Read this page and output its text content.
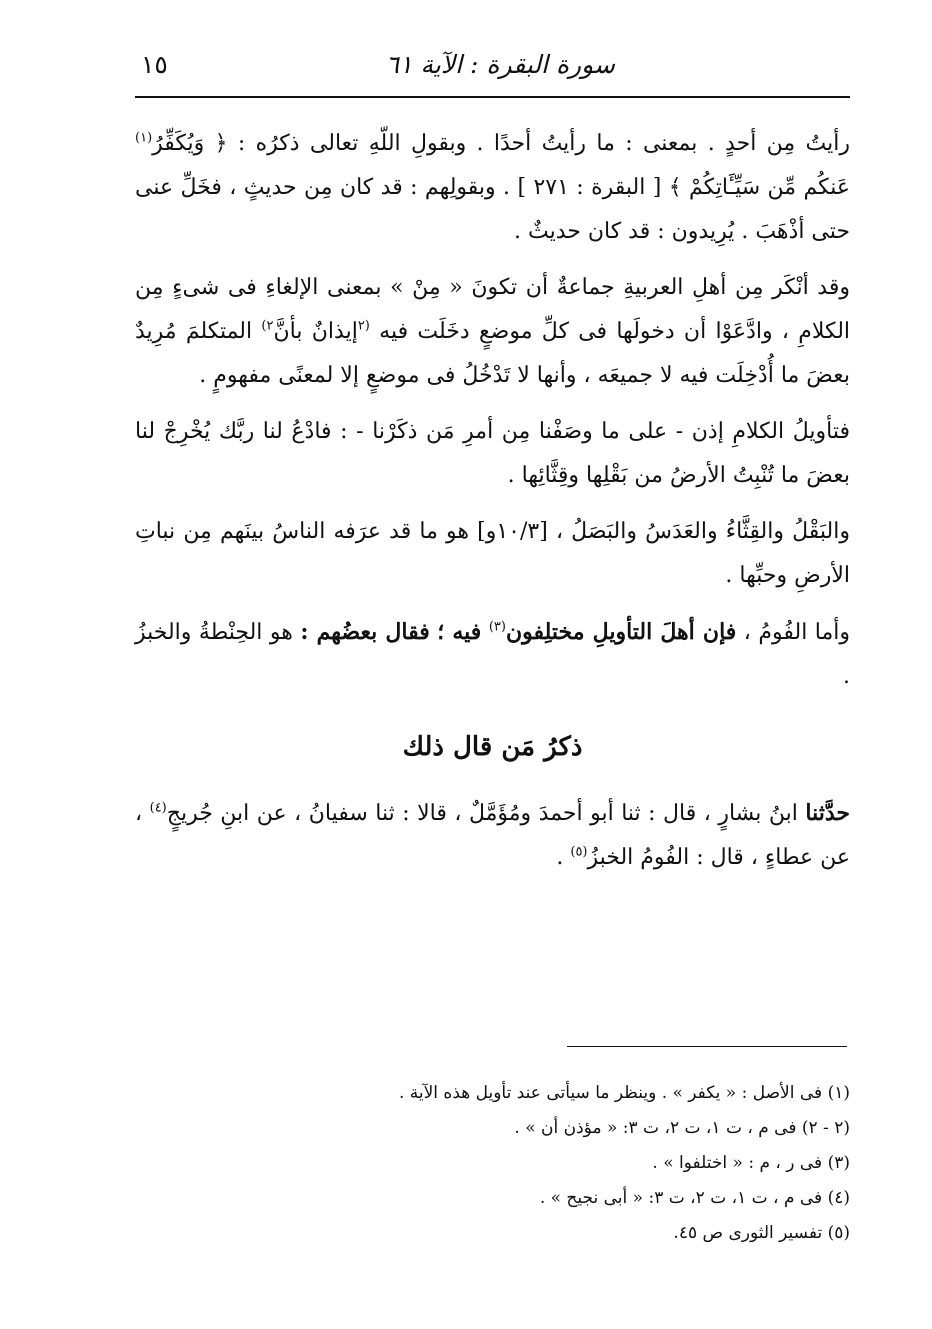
سورة البقرة : الآية ٦١
١٥

رأيتُ مِن أحدٍ . بمعنى : ما رأيتُ أحدًا . وبقولِ اللّهِ تعالى ذكرُه : ﴿ وَيُكَفِّرُ$^{(١)}$ عَنكُم مِّن سَيِّـَٔاتِكُمْ ﴾ [ البقرة : ٢٧١ ] . وبقولِهم : قد كان مِن حديثٍ ، فخَلِّ عنى حتى أذْهَبَ . يُرِيدون : قد كان حديثٌ .

وقد أنْكَر مِن أهلِ العربيةِ جماعةٌ أن تكونَ « مِنْ » بمعنى الإلغاءِ فى شىءٍ مِن الكلامِ ، وادَّعَوْا أن دخولَها فى كلِّ موضعٍ دخَلَت فيه $^{(٢}$إيذانٌ بأنَّ$^{٢)}$ المتكلمَ مُرِيدٌ بعضَ ما أُدْخِلَت فيه لا جميعَه ، وأنها لا تَدْخُلُ فى موضعٍ إلا لمعنًى مفهومٍ .

فتأويلُ الكلامِ إذن - على ما وصَفْنا مِن أمرِ مَن ذكَرْنا - : فادْعُ لنا ربَّك يُخْرِجْ لنا بعضَ ما تُنْبِتُ الأرضُ من بَقْلِها وقِثَّائِها .

والبَقْلُ والقِثَّاءُ والعَدَسُ والبَصَلُ ، [١٠/٣و] هو ما قد عرَفه الناسُ بينَهم مِن نباتِ الأرضِ وحبِّها .

وأما الفُومُ ، فإن أهلَ التأويلِ مختلِفون$^{(٣)}$ فيه ؛ فقال بعضُهم : هو الحِنْطةُ والخبزُ .

ذكرُ مَن قال ذلك

حدَّثنا ابنُ بشارٍ ، قال : ثنا أبو أحمدَ ومُؤَمَّلٌ ، قالا : ثنا سفيانُ ، عن ابنِ جُريجٍ$^{(٤)}$ ، عن عطاءٍ ، قال : الفُومُ الخبزُ$^{(٥)}$ .

(١) فى الأصل : « يكفر » . وينظر ما سيأتى عند تأويل هذه الآية .
(٢ - ٢) فى م ، ت ١، ت ٢، ت ٣: « مؤذن أن » .
(٣) فى ر ، م : « اختلفوا » .
(٤) فى م ، ت ١، ت ٢، ت ٣: « أبى نجيح » .
(٥) تفسير الثورى ص ٤٥.
